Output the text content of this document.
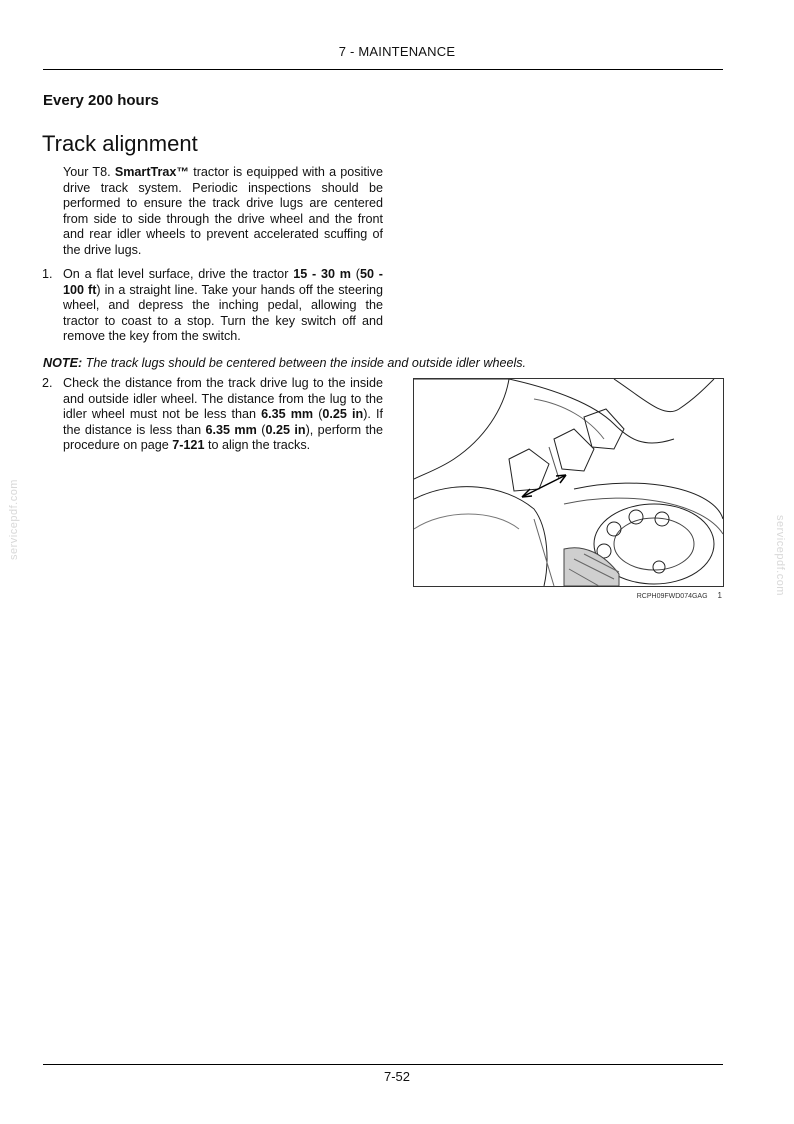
7 - MAINTENANCE
Every 200 hours
Track alignment
Your T8. SmartTrax™ tractor is equipped with a positive drive track system. Periodic inspections should be performed to ensure the track drive lugs are centered from side to side through the drive wheel and the front and rear idler wheels to prevent accelerated scuffing of the drive lugs.
1. On a flat level surface, drive the tractor 15 - 30 m (50 - 100 ft) in a straight line. Take your hands off the steering wheel, and depress the inching pedal, allowing the tractor to coast to a stop. Turn the key switch off and remove the key from the switch.
NOTE: The track lugs should be centered between the inside and outside idler wheels.
2. Check the distance from the track drive lug to the inside and outside idler wheel. The distance from the lug to the idler wheel must not be less than 6.35 mm (0.25 in). If the distance is less than 6.35 mm (0.25 in), perform the procedure on page 7-121 to align the tracks.
RCPH09FWD074GAG 1
servicepdf.com	servicepdf.com
7-52
